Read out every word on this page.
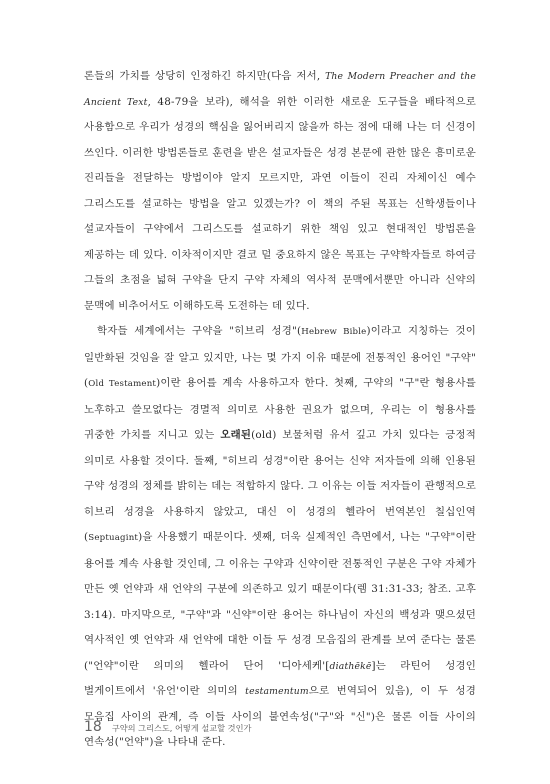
론들의 가치를 상당히 인정하긴 하지만(다음 저서, The Modern Preacher and the Ancient Text, 48-79을 보라), 해석을 위한 이러한 새로운 도구들을 배타적으로 사용함으로 우리가 성경의 핵심을 잃어버리지 않을까 하는 점에 대해 나는 더 신경이 쓰인다. 이러한 방법론들로 훈련을 받은 설교자들은 성경 본문에 관한 많은 흥미로운 진리들을 전달하는 방법이야 알지 모르지만, 과연 이들이 진리 자체이신 예수 그리스도를 설교하는 방법을 알고 있겠는가? 이 책의 주된 목표는 신학생들이나 설교자들이 구약에서 그리스도를 설교하기 위한 책임 있고 현대적인 방법론을 제공하는 데 있다. 이차적이지만 결코 덜 중요하지 않은 목표는 구약학자들로 하여금 그들의 초점을 넓혀 구약을 단지 구약 자체의 역사적 문맥에서뿐만 아니라 신약의 문맥에 비추어서도 이해하도록 도전하는 데 있다.

학자들 세계에서는 구약을 "히브리 성경"(Hebrew Bible)이라고 지칭하는 것이 일반화된 것임을 잘 알고 있지만, 나는 몇 가지 이유 때문에 전통적인 용어인 "구약"(Old Testament)이란 용어를 계속 사용하고자 한다. 첫째, 구약의 "구"란 형용사를 노후하고 쓸모없다는 경멸적 의미로 사용한 권요가 없으며, 우리는 이 형용사를 귀중한 가치를 지니고 있는 오래된(old) 보물처럼 유서 깊고 가치 있다는 긍정적 의미로 사용할 것이다. 둘째, "히브리 성경"이란 용어는 신약 저자들에 의해 인용된 구약 성경의 정체를 밝히는 데는 적합하지 않다. 그 이유는 이들 저자들이 관행적으로 히브리 성경을 사용하지 않았고, 대신 이 성경의 헬라어 번역본인 칠십인역(Septuagint)을 사용했기 때문이다. 셋째, 더욱 실제적인 측면에서, 나는 "구약"이란 용어를 계속 사용할 것인데, 그 이유는 구약과 신약이란 전통적인 구분은 구약 자체가 만든 옛 언약과 새 언약의 구분에 의존하고 있기 때문이다(렘 31:31-33; 참조. 고후 3:14). 마지막으로, "구약"과 "신약"이란 용어는 하나님이 자신의 백성과 맺으셨던 역사적인 옛 언약과 새 언약에 대한 이들 두 성경 모음집의 관계를 보여 준다는 물론("언약"이란 의미의 헬라어 단어 '디아세케'[diathēkē]는 라틴어 성경인 벌게이트에서 '유언'이란 의미의 testamentum으로 번역되어 있음), 이 두 성경 모음집 사이의 관계, 즉 이들 사이의 불연속성("구"와 "신")은 물론 이들 사이의 연속성("언약")을 나타내 준다.

18 구약의 그리스도, 어떻게 설교할 것인가
